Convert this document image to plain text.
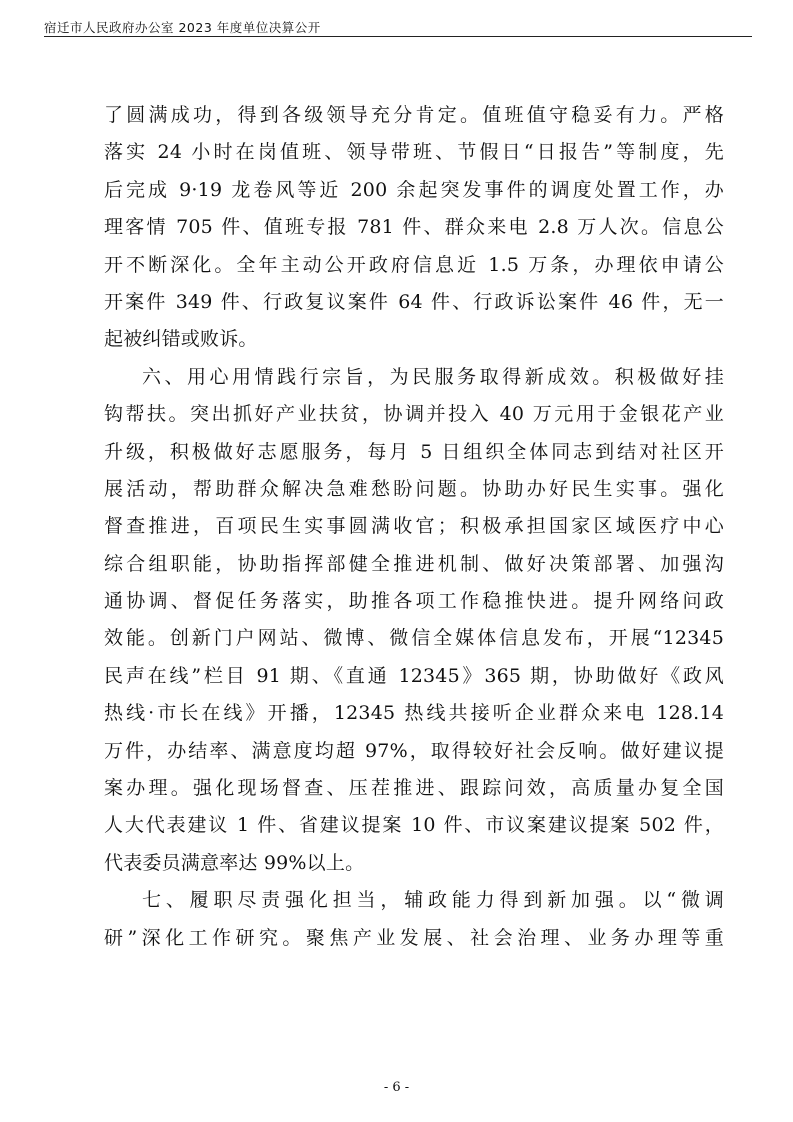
宿迁市人民政府办公室 2023 年度单位决算公开
了圆满成功，得到各级领导充分肯定。值班值守稳妥有力。严格
落实 24 小时在岗值班、领导带班、节假日“日报告”等制度，先
后完成 9·19 龙卷风等近 200 余起突发事件的调度处置工作，办
理客情 705 件、值班专报 781 件、群众来电 2.8 万人次。信息公
开不断深化。全年主动公开政府信息近 1.5 万条，办理依申请公
开案件 349 件、行政复议案件 64 件、行政诉讼案件 46 件，无一
起被纠错或败诉。
六、用心用情践行宗旨，为民服务取得新成效。积极做好挂
钩帮扶。突出抓好产业扶贫，协调并投入 40 万元用于金银花产业
升级，积极做好志愿服务，每月 5 日组织全体同志到结对社区开
展活动，帮助群众解决急难愁盼问题。协助办好民生实事。强化
督查推进，百项民生实事圆满收官；积极承担国家区域医疗中心
综合组职能，协助指挥部健全推进机制、做好决策部署、加强沟
通协调、督促任务落实，助推各项工作稳推快进。提升网络问政
效能。创新门户网站、微博、微信全媒体信息发布，开展“12345
民声在线”栏目 91 期、《直通 12345》365 期，协助做好《政风
热线·市长在线》开播，12345 热线共接听企业群众来电 128.14
万件，办结率、满意度均超 97%，取得较好社会反响。做好建议提
案办理。强化现场督查、压茬推进、跟踪问效，高质量办复全国
人大代表建议 1 件、省建议提案 10 件、市议案建议提案 502 件，
代表委员满意率达 99%以上。
七、履职尽责强化担当，辅政能力得到新加强。以“微调
研”深化工作研究。聚焦产业发展、社会治理、业务办理等重
- 6 -
